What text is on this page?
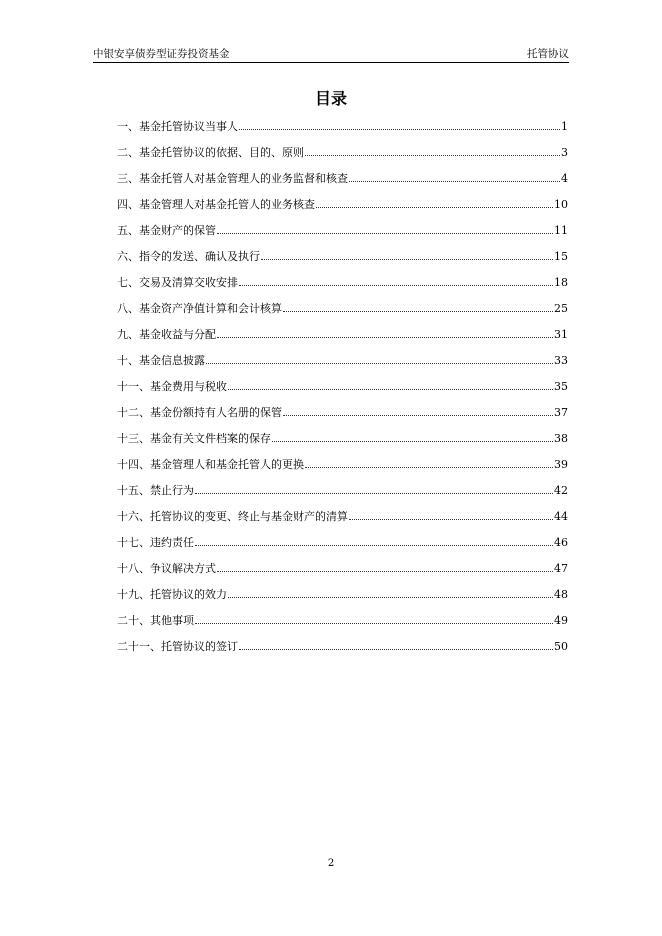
中银安享债券型证券投资基金	托管协议
目录
一、基金托管协议当事人	1
二、基金托管协议的依据、目的、原则	3
三、基金托管人对基金管理人的业务监督和核查	4
四、基金管理人对基金托管人的业务核查	10
五、基金财产的保管	11
六、指令的发送、确认及执行	15
七、交易及清算交收安排	18
八、基金资产净值计算和会计核算	25
九、基金收益与分配	31
十、基金信息披露	33
十一、基金费用与税收	35
十二、基金份额持有人名册的保管	37
十三、基金有关文件档案的保存	38
十四、基金管理人和基金托管人的更换	39
十五、禁止行为	42
十六、托管协议的变更、终止与基金财产的清算	44
十七、违约责任	46
十八、争议解决方式	47
十九、托管协议的效力	48
二十、其他事项	49
二十一、托管协议的签订	50
2
